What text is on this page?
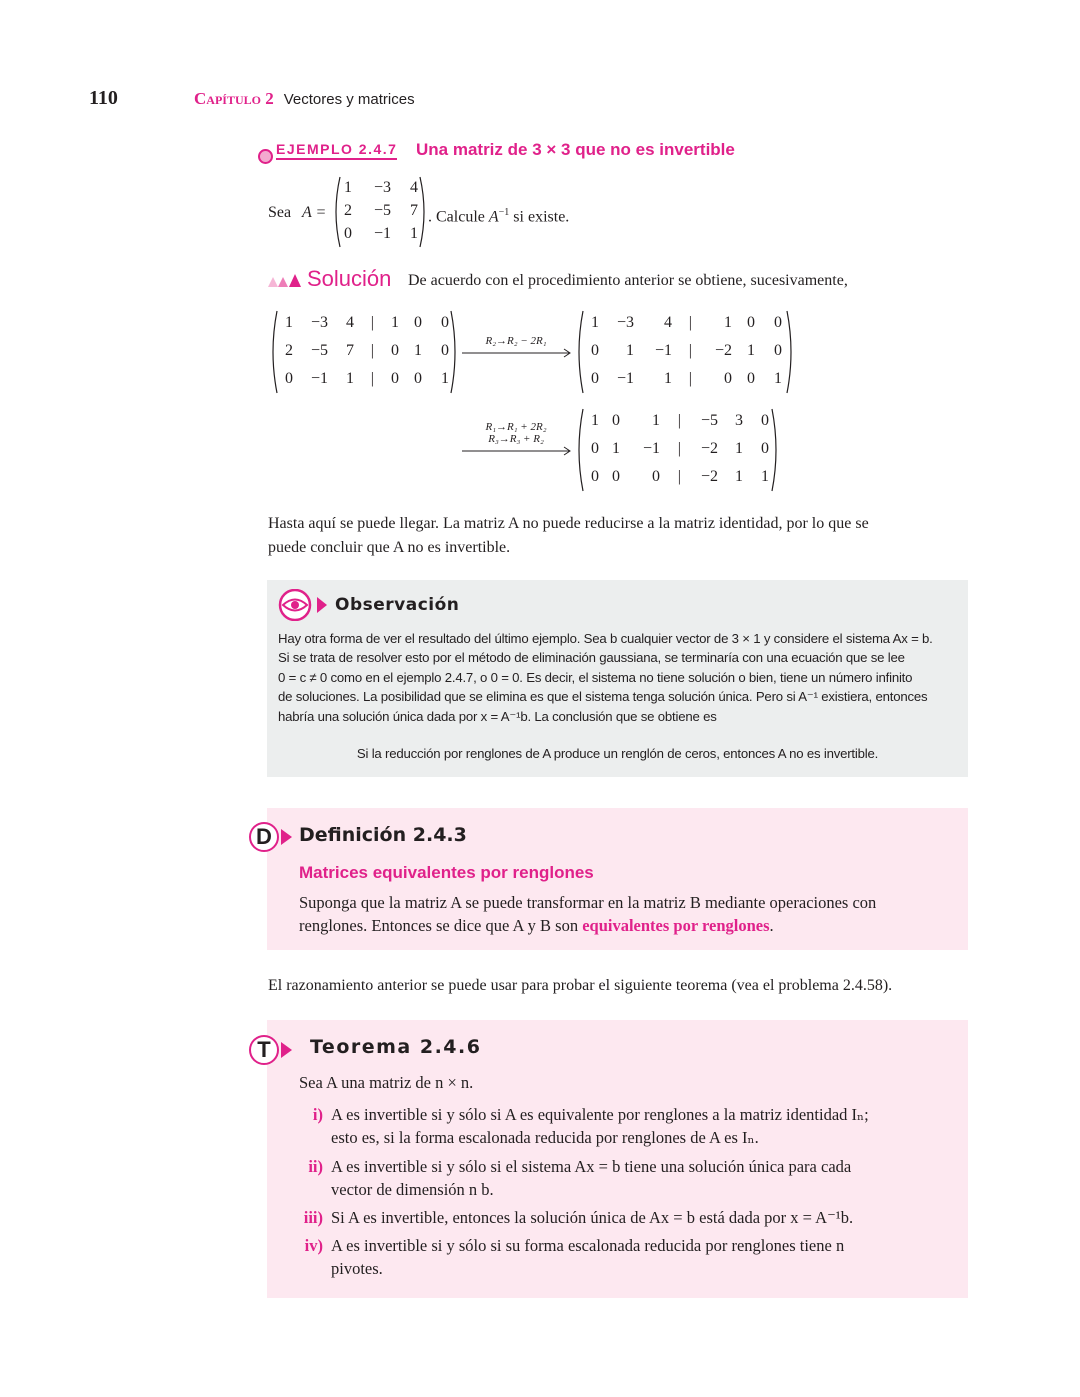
110	Capítulo 2 Vectores y matrices
EJEMPLO 2.4.7 Una matriz de 3 × 3 que no es invertible
Sea A =
1	−3	4
2	−5	7
0	−1	1
. Calcule $A^{-1}$ si existe.
Solución De acuerdo con el procedimiento anterior se obtiene, sucesivamente,
1	−3	4	|	1 0	0
2	−5	7	|	0 1	0
0	−1	1	|	0 0	1
R₂→R₂ − 2R₁
1	−3	4	|	1 0	0
0	1	−1	|	−2 1	0
0	−1	1	|	0 0	1
R₁→R₁ + 2R₂
R₃→R₃ + R₂
1 0	1	|	−5	3	0
0 1	−1	|	−2	1	0
0 0	0	|	−2	1	1
Hasta aquí se puede llegar. La matriz A no puede reducirse a la matriz identidad, por lo que se
puede concluir que A no es invertible.
Observación
Hay otra forma de ver el resultado del último ejemplo. Sea b cualquier vector de 3 × 1 y considere el sistema Ax = b.
Si se trata de resolver esto por el método de eliminación gaussiana, se terminaría con una ecuación que se lee
0 = c ≠ 0 como en el ejemplo 2.4.7, o 0 = 0. Es decir, el sistema no tiene solución o bien, tiene un número infinito
de soluciones. La posibilidad que se elimina es que el sistema tenga solución única. Pero si A⁻¹ existiera, entonces
habría una solución única dada por x = A⁻¹b. La conclusión que se obtiene es
Si la reducción por renglones de A produce un renglón de ceros, entonces A no es invertible.
D	Definición 2.4.3
Matrices equivalentes por renglones
Suponga que la matriz A se puede transformar en la matriz B mediante operaciones con
renglones. Entonces se dice que A y B son equivalentes por renglones.
El razonamiento anterior se puede usar para probar el siguiente teorema (vea el problema 2.4.58).
T	Teorema 2.4.6
Sea A una matriz de n × n.
i) A es invertible si y sólo si A es equivalente por renglones a la matriz identidad Iₙ;
esto es, si la forma escalonada reducida por renglones de A es Iₙ.
ii) A es invertible si y sólo si el sistema Ax = b tiene una solución única para cada
vector de dimensión n b.
iii) Si A es invertible, entonces la solución única de Ax = b está dada por x = A⁻¹b.
iv) A es invertible si y sólo si su forma escalonada reducida por renglones tiene n
pivotes.
